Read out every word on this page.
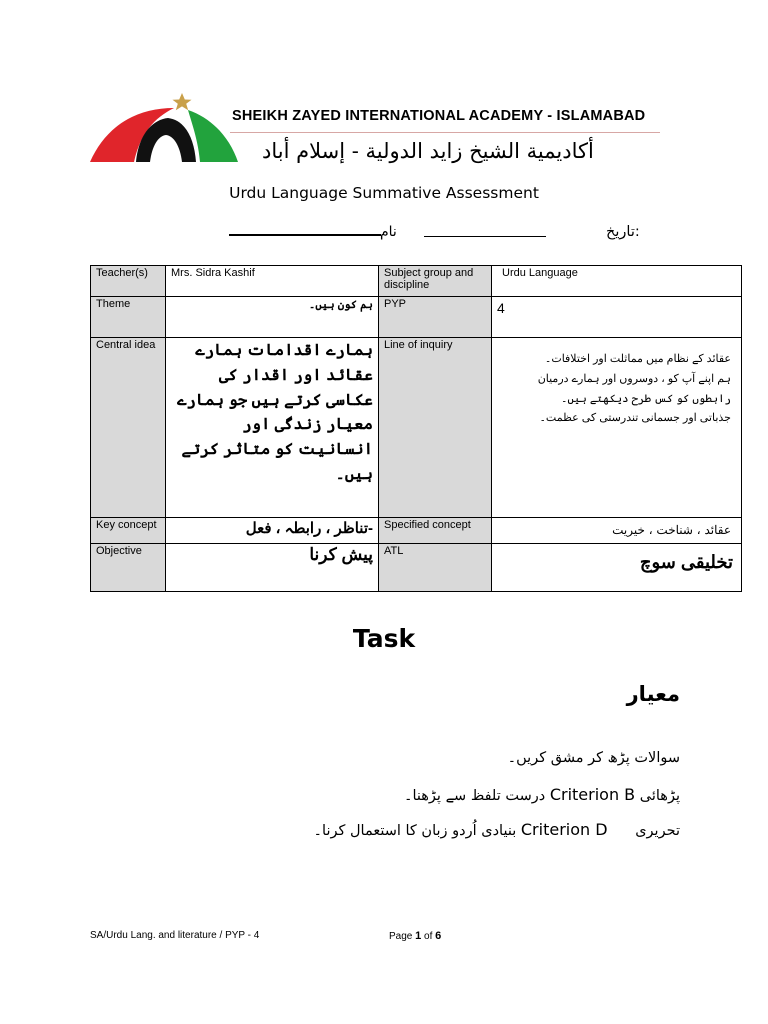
SHEIKH ZAYED INTERNATIONAL ACADEMY - ISLAMABAD
أكاديمية الشيخ زايد الدولية - إسلام أباد
Urdu Language Summative Assessment
نام	تاریخ:
Teacher(s)	Mrs. Sidra Kashif	Subject group and discipline	Urdu Language
Theme	ہم کون ہیں۔	PYP	4
Central idea	ہمارے اقدامات ہمارے عقائد اور اقدار کی عکاسی کرتے ہیں جو ہمارے معیار زندگی اور انسانیت کو متاثر کرتے ہیں۔	Line of inquiry	عقائد کے نظام میں مماثلت اور اختلافات۔
ہم اپنے آپ کو ، دوسروں اور ہمارے درمیان
رابطوں کو کس طرح دیکھتے ہیں۔
جذباتی اور جسمانی تندرستی کی عظمت۔

Key concept	-تناظر ، رابطہ ، فعل	Specified concept	عقائد ، شناخت ، خیریت
Objective	پیش کرنا	ATL	تخلیقی سوچ
Task
معیار
سوالات پڑھ کر مشق کریں۔
پڑھائی Criterion B درست تلفظ سے پڑھنا۔
تحریری      Criterion D بنیادی اُردو زبان کا استعمال کرنا۔
SA/Urdu Lang. and literature / PYP - 4	Page 1 of 6
